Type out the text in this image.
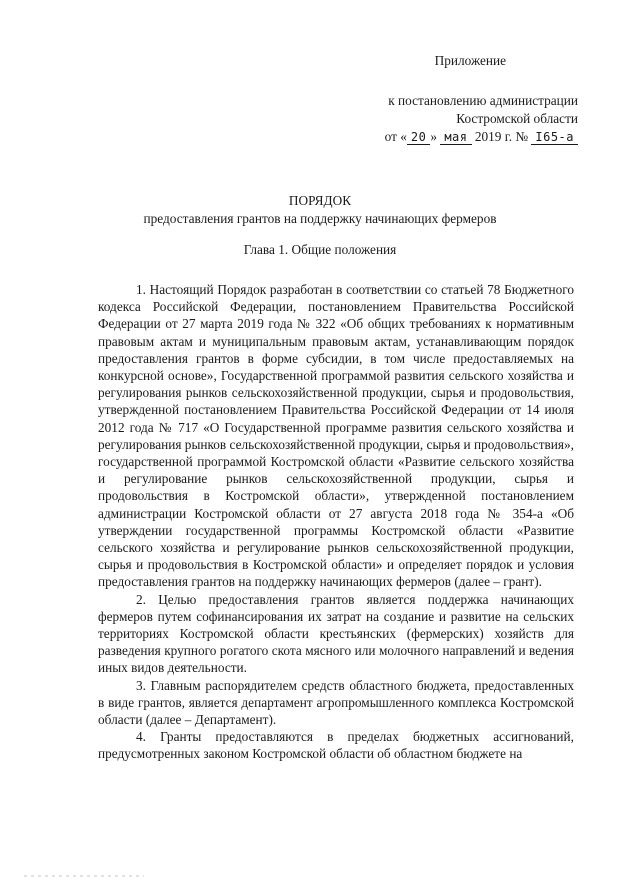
Приложение
к постановлению администрации
Костромской области
от « 20 » мая 2019 г. № I65-а
ПОРЯДОК
предоставления грантов на поддержку начинающих фермеров
Глава 1. Общие положения

1. Настоящий Порядок разработан в соответствии со статьей 78 Бюджетного кодекса Российской Федерации, постановлением Правительства Российской Федерации от 27 марта 2019 года № 322 «Об общих требованиях к нормативным правовым актам и муниципальным правовым актам, устанавливающим порядок предоставления грантов в форме субсидии, в том числе предоставляемых на конкурсной основе», Государственной программой развития сельского хозяйства и регулирования рынков сельскохозяйственной продукции, сырья и продовольствия, утвержденной постановлением Правительства Российской Федерации от 14 июля 2012 года № 717 «О Государственной программе развития сельского хозяйства и регулирования рынков сельскохозяйственной продукции, сырья и продовольствия», государственной программой Костромской области «Развитие сельского хозяйства и регулирование рынков сельскохозяйственной продукции, сырья и продовольствия в Костромской области», утвержденной постановлением администрации Костромской области от 27 августа 2018 года № 354-а «Об утверждении государственной программы Костромской области «Развитие сельского хозяйства и регулирование рынков сельскохозяйственной продукции, сырья и продовольствия в Костромской области» и определяет порядок и условия предоставления грантов на поддержку начинающих фермеров (далее – грант).

2. Целью предоставления грантов является поддержка начинающих фермеров путем софинансирования их затрат на создание и развитие на сельских территориях Костромской области крестьянских (фермерских) хозяйств для разведения крупного рогатого скота мясного или молочного направлений и ведения иных видов деятельности.

3. Главным распорядителем средств областного бюджета, предоставленных в виде грантов, является департамент агропромышленного комплекса Костромской области (далее – Департамент).

4. Гранты предоставляются в пределах бюджетных ассигнований, предусмотренных законом Костромской области об областном бюджете на
